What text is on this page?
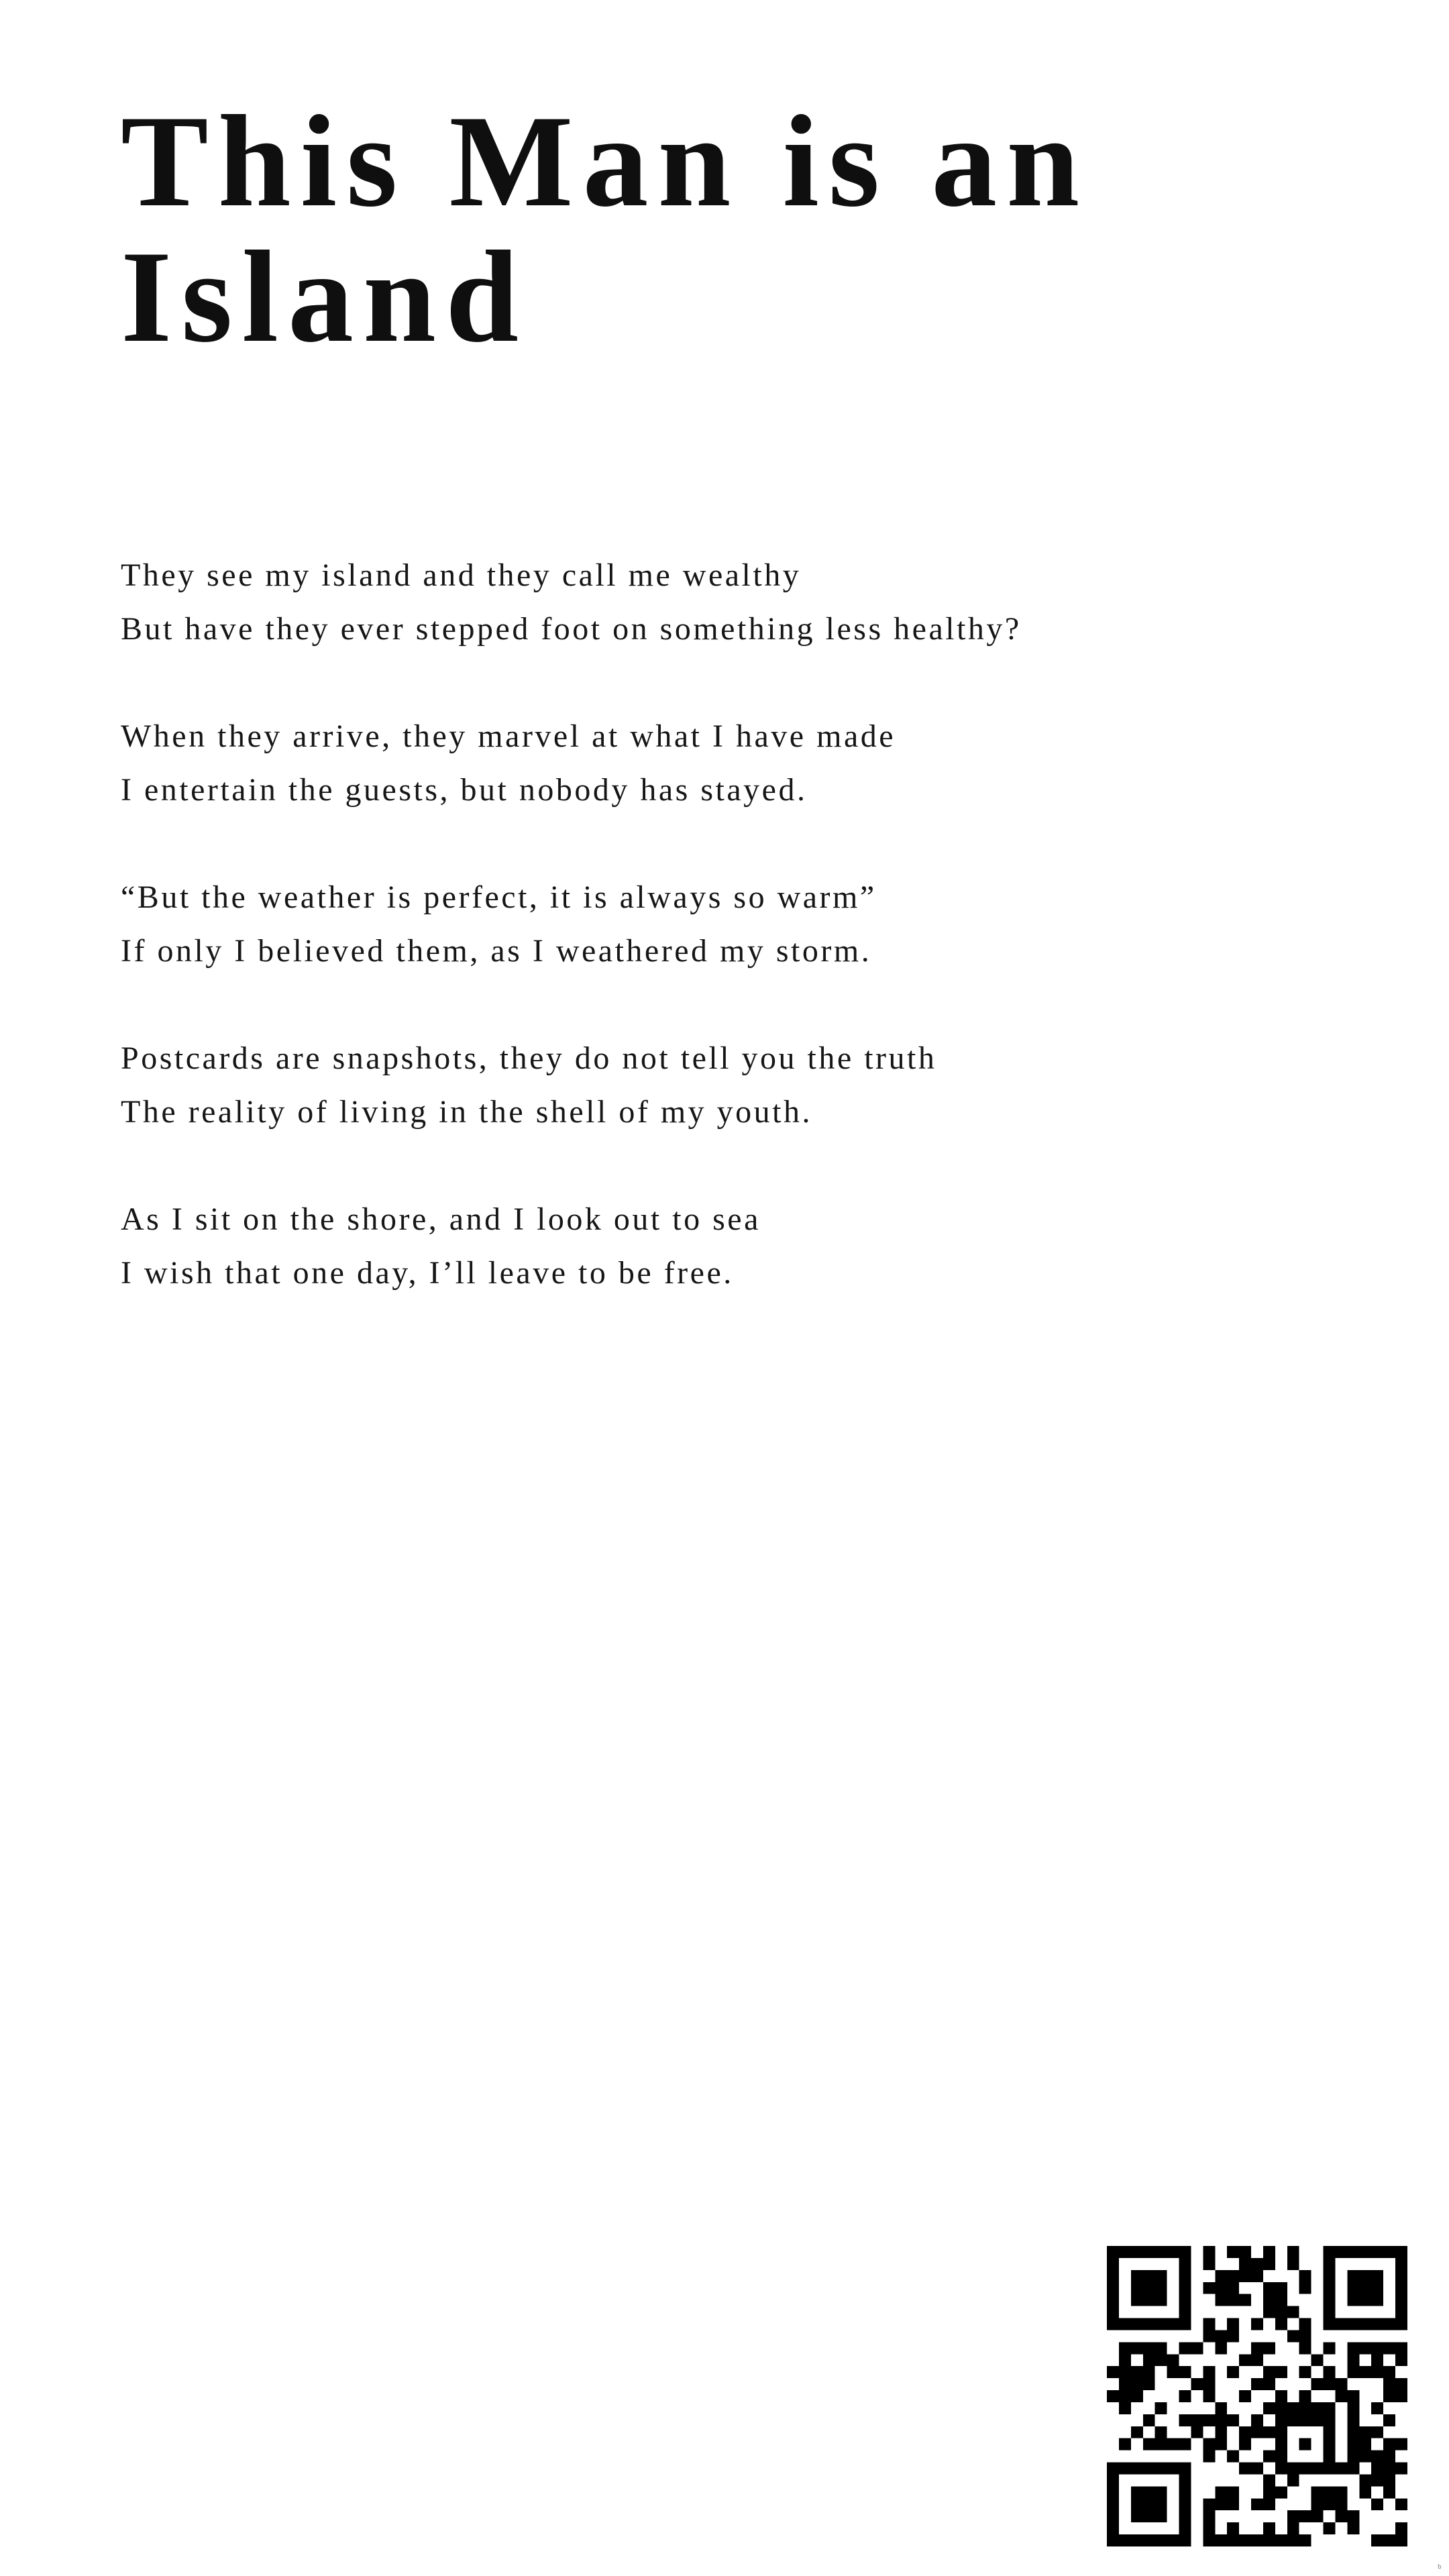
This Man is an
Island
They see my island and they call me wealthy
But have they ever stepped foot on something less healthy?
When they arrive, they marvel at what I have made
I entertain the guests, but nobody has stayed.
“But the weather is perfect, it is always so warm”
If only I believed them, as I weathered my storm.
Postcards are snapshots, they do not tell you the truth
The reality of living in the shell of my youth.
As I sit on the shore, and I look out to sea
I wish that one day, I’ll leave to be free.
b
